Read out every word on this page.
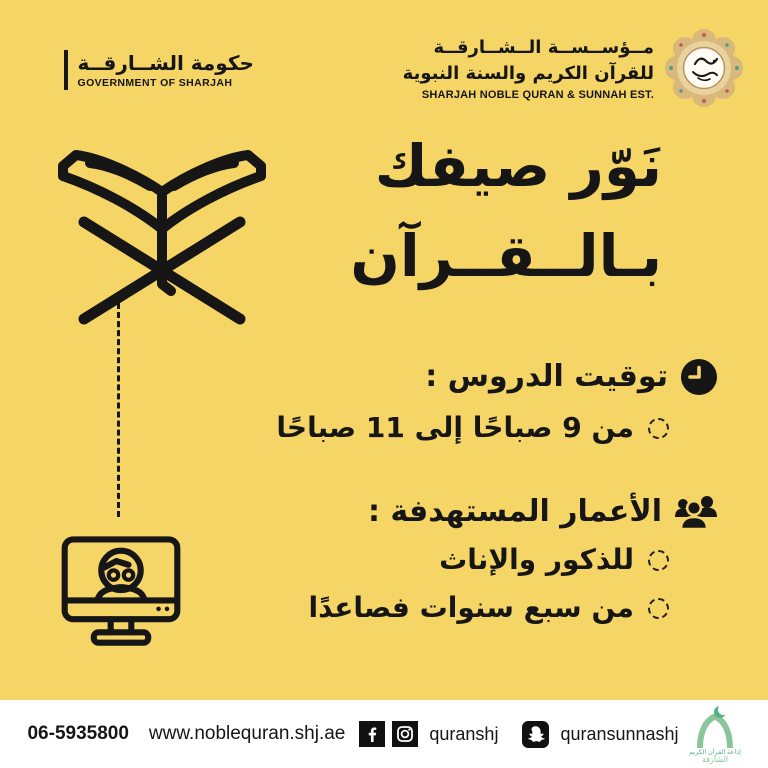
حكومة الشــارقــة
GOVERNMENT OF SHARJAH
مــؤســســة الــشــارقــة
للقرآن الكريم والسنة النبوية
SHARJAH NOBLE QURAN & SUNNAH EST.
نَوّر صيفك
بـالــقــرآن
توقيت الدروس :
من 9 صباحًا إلى 11 صباحًا
الأعمار المستهدفة :
للذكور والإناث
من سبع سنوات فصاعدًا
06-5935800 www.noblequran.shj.ae	quranshj	quransunnashj
إذاعة القرآن الكريم
الشارقة
